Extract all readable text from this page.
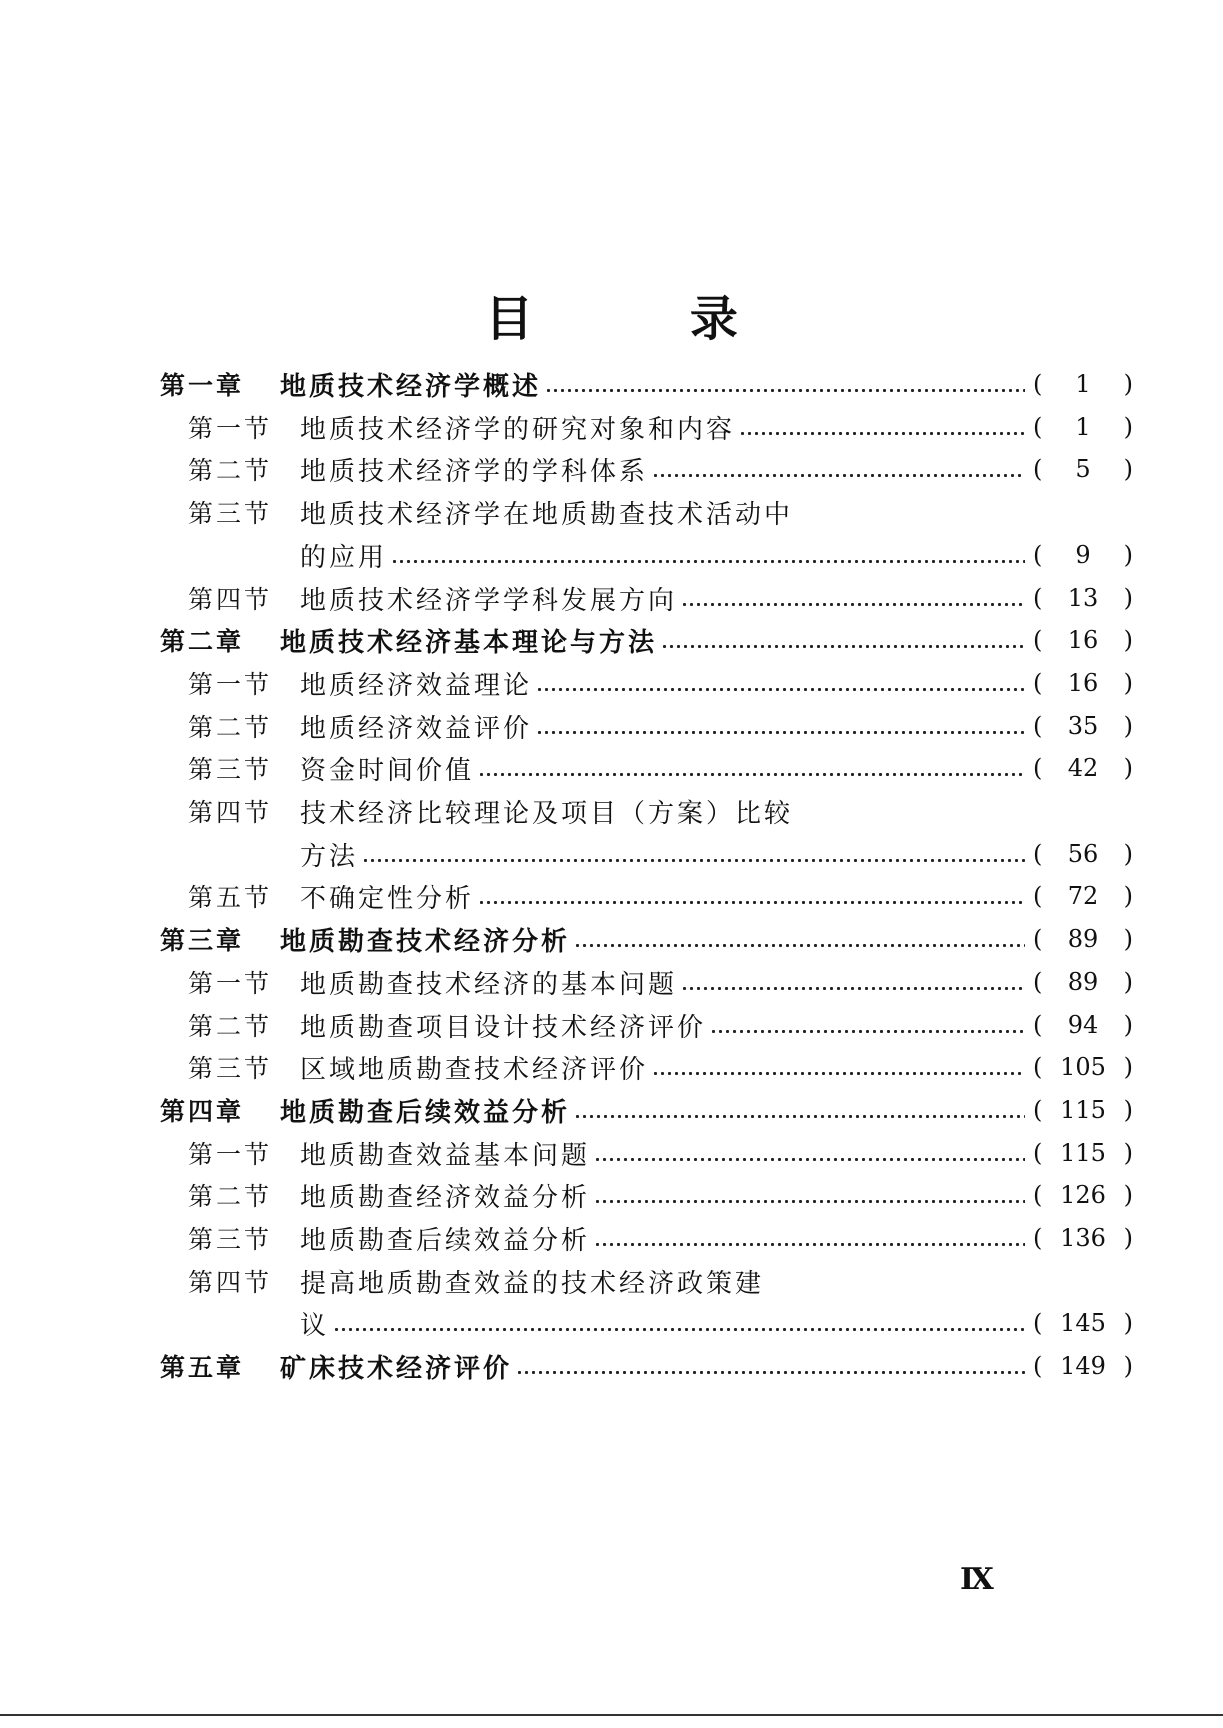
目 录
第一章	地质技术经济学概述	(	1	)
第一节	地质技术经济学的研究对象和内容	(	1	)
第二节	地质技术经济学的学科体系	(	5	)
第三节	地质技术经济学在地质勘查技术活动中
的应用	(	9	)
第四节	地质技术经济学学科发展方向	(	13	)
第二章	地质技术经济基本理论与方法	(	16	)
第一节	地质经济效益理论	(	16	)
第二节	地质经济效益评价	(	35	)
第三节	资金时间价值	(	42	)
第四节	技术经济比较理论及项目（方案）比较
方法	(	56	)
第五节	不确定性分析	(	72	)
第三章	地质勘查技术经济分析	(	89	)
第一节	地质勘查技术经济的基本问题	(	89	)
第二节	地质勘查项目设计技术经济评价	(	94	)
第三节	区域地质勘查技术经济评价	( 105 )
第四章	地质勘查后续效益分析	( 115 )
第一节	地质勘查效益基本问题	( 115 )
第二节	地质勘查经济效益分析	( 126 )
第三节	地质勘查后续效益分析	( 136 )
第四节	提高地质勘查效益的技术经济政策建
议	( 145 )
第五章	矿床技术经济评价	( 149 )
Ⅸ
